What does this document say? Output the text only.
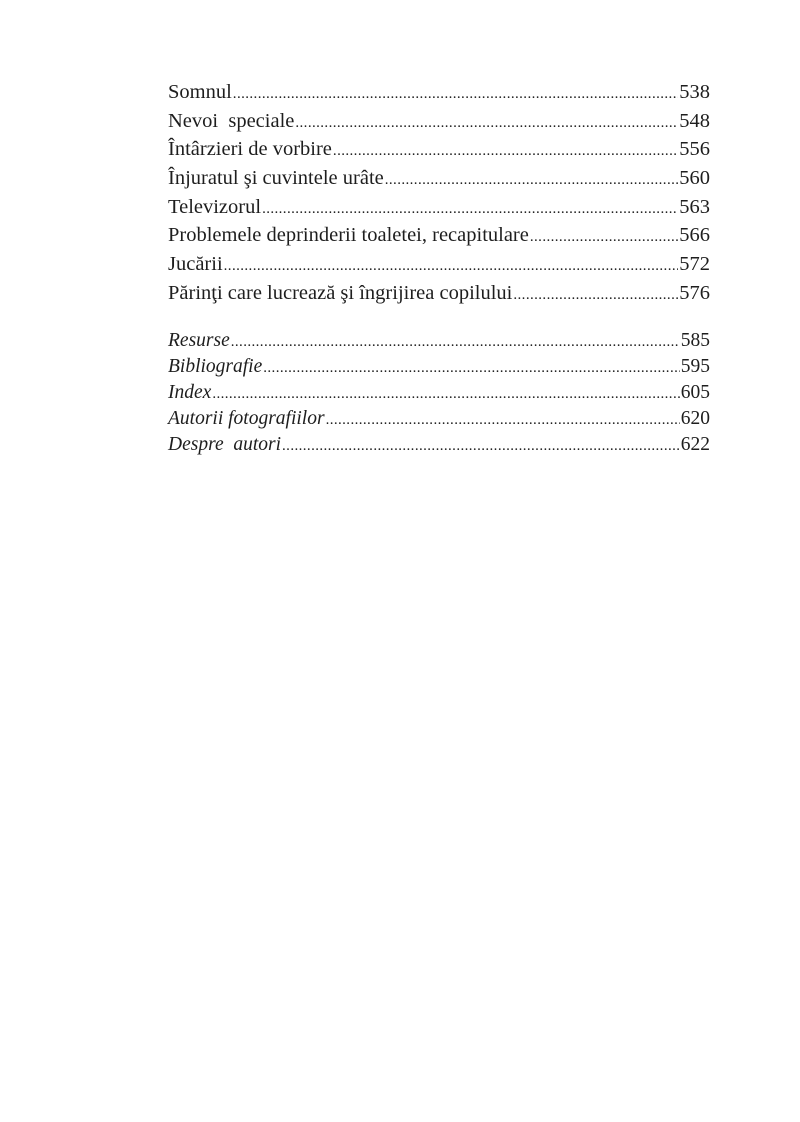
Somnul .....	538
Nevoi  speciale .....	548
Întârzieri de vorbire .....	556
Înjuratul şi cuvintele urâte .....	560
Televizorul .....	563
Problemele deprinderii toaletei, recapitulare .....	566
Jucării .....	572
Părinţi care lucrează şi îngrijirea copilului .....	576
Resurse .....	585
Bibliografie .....	595
Index .....	605
Autorii fotografiilor .....	620
Despre  autori .....	622
